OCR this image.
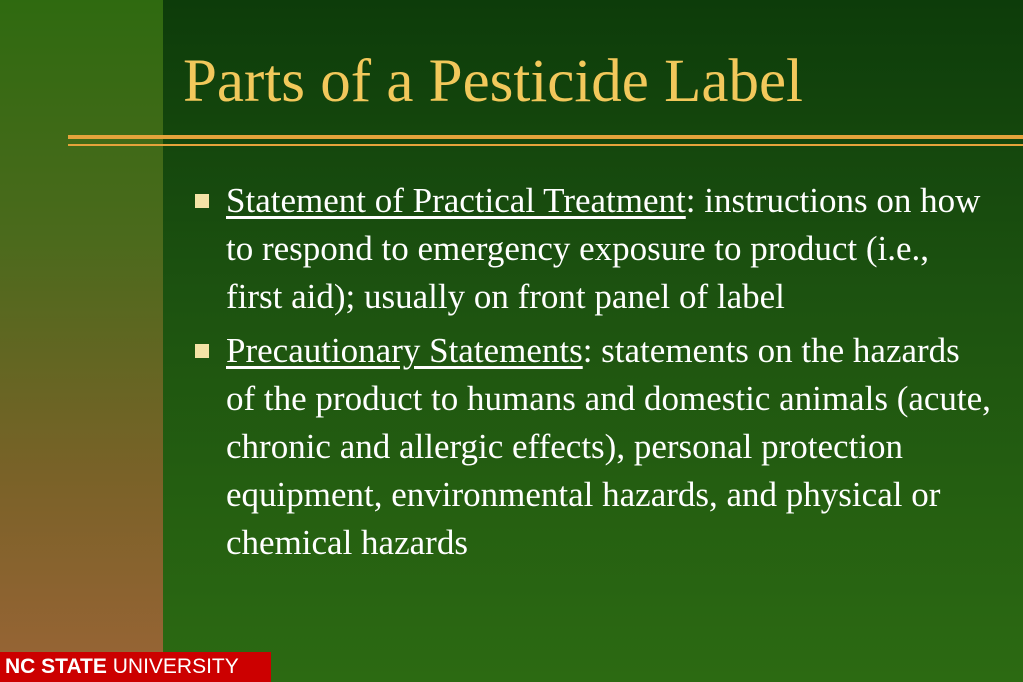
Parts of a Pesticide Label
Statement of Practical Treatment: instructions on how to respond to emergency exposure to product (i.e., first aid); usually on front panel of label
Precautionary Statements: statements on the hazards of the product to humans and domestic animals (acute, chronic and allergic effects), personal protection equipment, environmental hazards, and physical or chemical hazards
NC STATE UNIVERSITY
